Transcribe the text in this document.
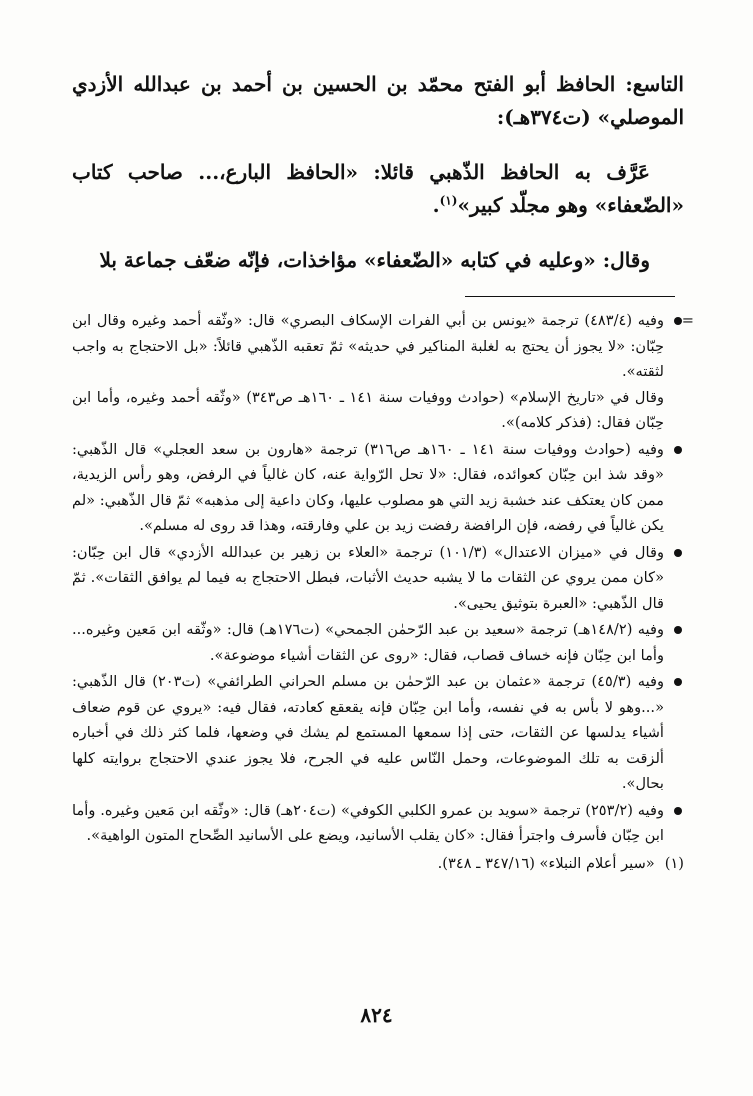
التاسع: الحافظ أبو الفتح محمّد بن الحسين بن أحمد بن عبدالله الأزدي الموصلي» (ت٣٧٤هـ):

عَرَّف به الحافظ الذّهبي قائلا: «الحافظ البارع،... صاحب كتاب «الضّعفاء» وهو مجلّد كبير»$^{(١)}$.

وقال: «وعليه في كتابه «الضّعفاء» مؤاخذات، فإنّه ضعّف جماعة بلا

=

وفيه (٤٨٣/٤) ترجمة «يونس بن أبي الفرات الإسكاف البصري» قال: «وثّقه أحمد وغيره وقال ابن حِبّان: «لا يجوز أن يحتج به لغلبة المناكير في حديثه» ثمّ تعقبه الذّهبي قائلاً: «بل الاحتجاج به واجب لثقته».

وقال في «تاريخ الإسلام» (حوادث ووفيات سنة ١٤١ ـ ١٦٠هـ ص٣٤٣) «وثّقه أحمد وغيره، وأما ابن حِبّان فقال: (فذكر كلامه)».

وفيه (حوادث ووفيات سنة ١٤١ ـ ١٦٠هـ ص٣١٦) ترجمة «هارون بن سعد العجلي» قال الذّهبي: «وقد شذ ابن حِبّان كعوائده، فقال: «لا تحل الرّواية عنه، كان غالياً في الرفض، وهو رأس الزيدية، ممن كان يعتكف عند خشبة زيد التي هو مصلوب عليها، وكان داعية إلى مذهبه» ثمّ قال الذّهبي: «لم يكن غالياً في رفضه، فإن الرافضة رفضت زيد بن علي وفارقته، وهذا قد روى له مسلم».

وقال في «ميزان الاعتدال» (١٠١/٣) ترجمة «العلاء بن زهير بن عبدالله الأزدي» قال ابن حِبّان: «كان ممن يروي عن الثقات ما لا يشبه حديث الأثبات، فبطل الاحتجاج به فيما لم يوافق الثقات». ثمّ قال الذّهبي: «العبرة بتوثيق يحيى».

وفيه (١٤٨/٢هـ) ترجمة «سعيد بن عبد الرّحمٰن الجمحي» (ت١٧٦هـ) قال: «وثّقه ابن مَعين وغيره... وأما ابن حِبّان فإنه خساف قصاب، فقال: «روى عن الثقات أشياء موضوعة».

وفيه (٤٥/٣) ترجمة «عثمان بن عبد الرّحمٰن بن مسلم الحراني الطرائفي» (ت٢٠٣) قال الذّهبي: «...وهو لا بأس به في نفسه، وأما ابن حِبّان فإنه يقعقع كعادته، فقال فيه: «يروي عن قوم ضعاف أشياء يدلسها عن الثقات، حتى إذا سمعها المستمع لم يشك في وضعها، فلما كثر ذلك في أخباره ألزقت به تلك الموضوعات، وحمل النّاس عليه في الجرح، فلا يجوز عندي الاحتجاج بروايته كلها بحال».

وفيه (٢٥٣/٢) ترجمة «سويد بن عمرو الكلبي الكوفي» (ت٢٠٤هـ) قال: «وثّقه ابن مَعين وغيره. وأما ابن حِبّان فأسرف واجترأ فقال: «كان يقلب الأسانيد، ويضع على الأسانيد الصِّحاح المتون الواهية».

(١)«سير أعلام النبلاء» (٣٤٧/١٦ ـ ٣٤٨).
٨٢٤
